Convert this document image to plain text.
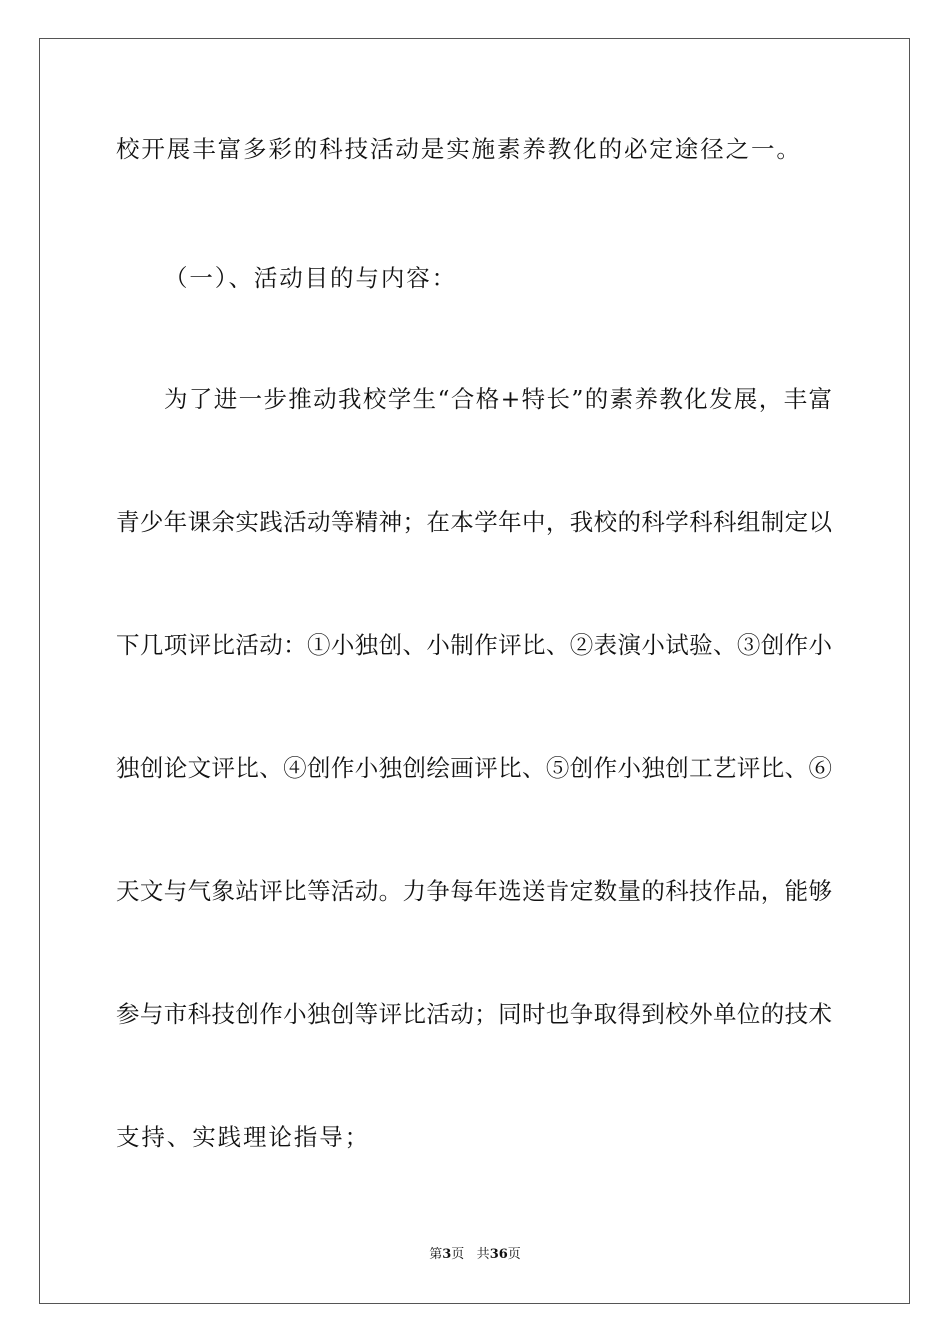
校开展丰富多彩的科技活动是实施素养教化的必定途径之一。
（一）、活动目的与内容：
为了进一步推动我校学生“合格+特长”的素养教化发展，丰富
青少年课余实践活动等精神；在本学年中，我校的科学科科组制定以
下几项评比活动：①小独创、小制作评比、②表演小试验、③创作小
独创论文评比、④创作小独创绘画评比、⑤创作小独创工艺评比、⑥
天文与气象站评比等活动。力争每年选送肯定数量的科技作品，能够
参与市科技创作小独创等评比活动；同时也争取得到校外单位的技术
支持、实践理论指导；
第3页 共36页
